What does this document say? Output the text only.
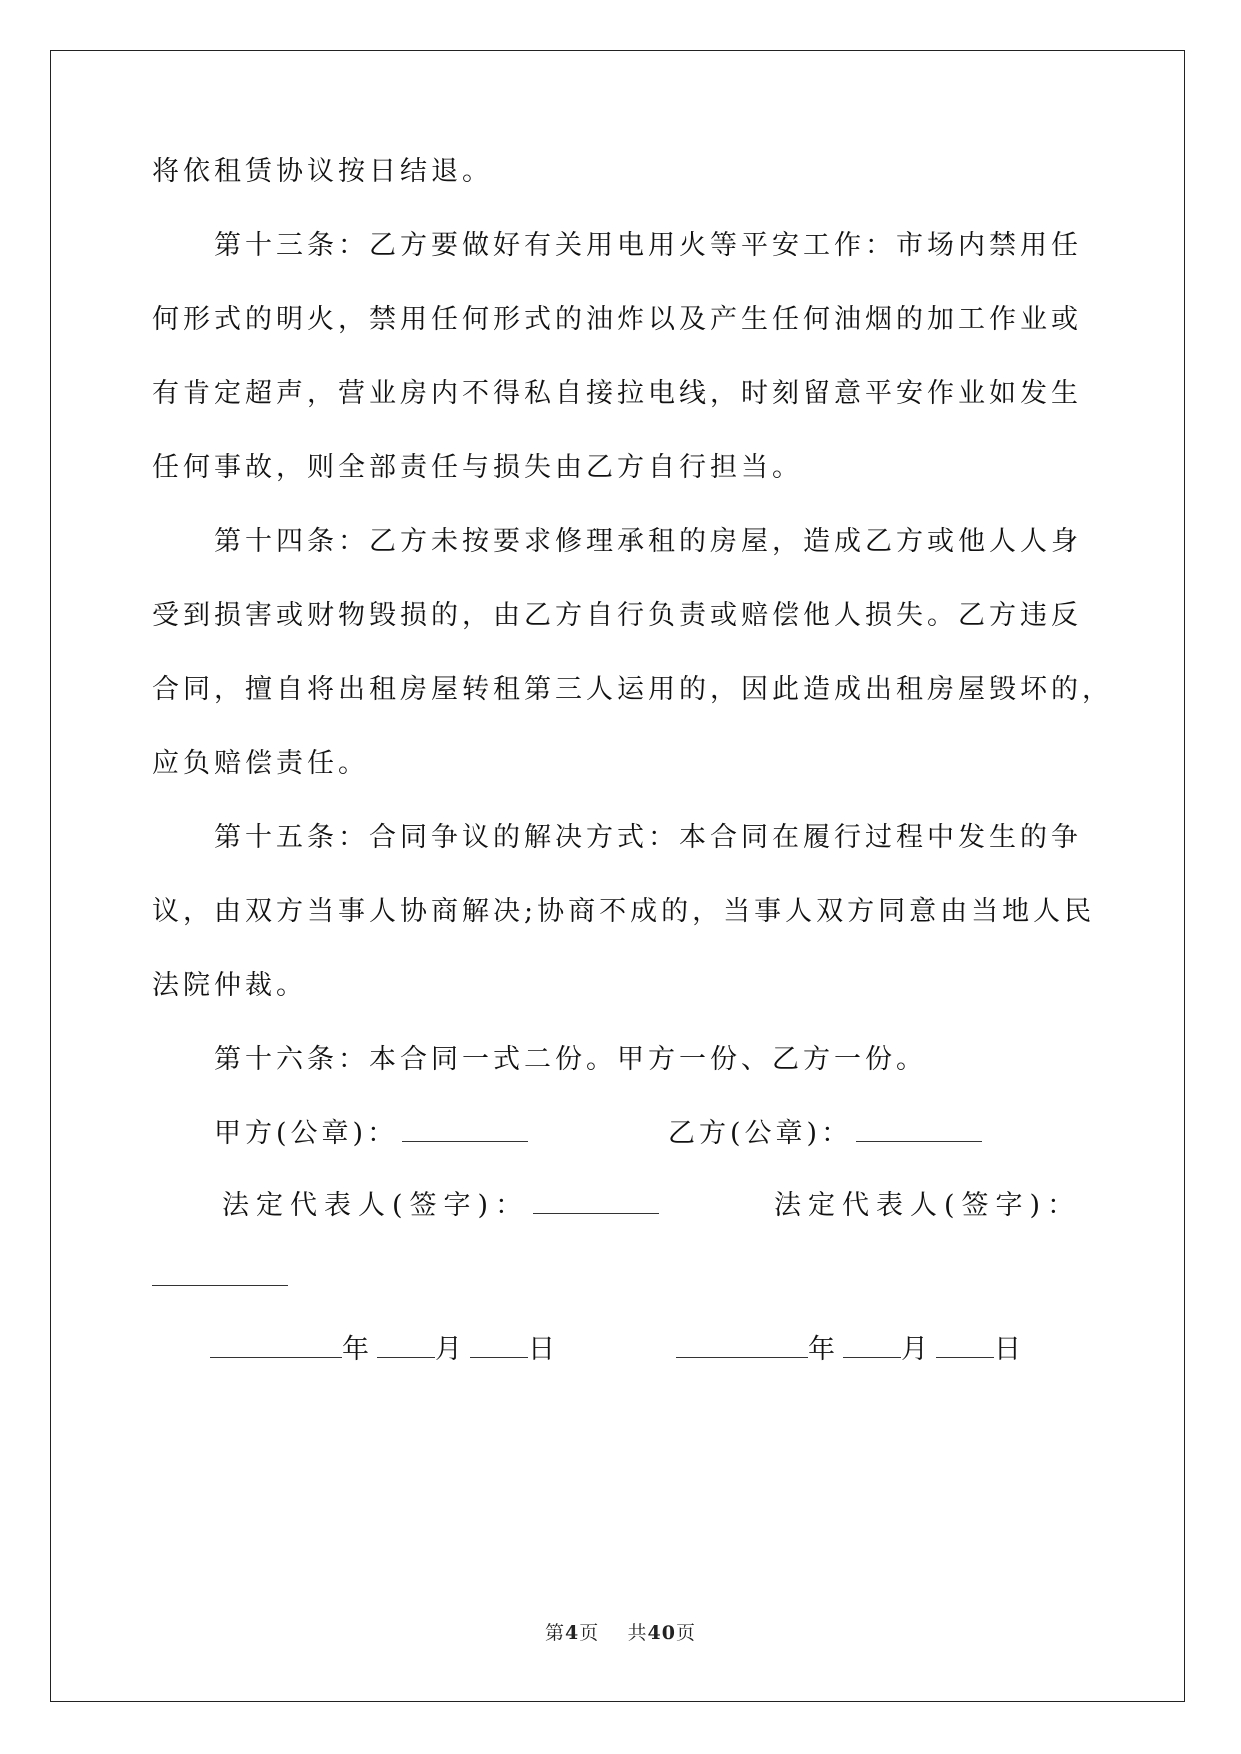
将依租赁协议按日结退。
第十三条：乙方要做好有关用电用火等平安工作：市场内禁用任
何形式的明火，禁用任何形式的油炸以及产生任何油烟的加工作业或
有肯定超声，营业房内不得私自接拉电线，时刻留意平安作业如发生
任何事故，则全部责任与损失由乙方自行担当。
第十四条：乙方未按要求修理承租的房屋，造成乙方或他人人身
受到损害或财物毁损的，由乙方自行负责或赔偿他人损失。乙方违反
合同，擅自将出租房屋转租第三人运用的，因此造成出租房屋毁坏的，
应负赔偿责任。
第十五条：合同争议的解决方式：本合同在履行过程中发生的争
议，由双方当事人协商解决;协商不成的，当事人双方同意由当地人民
法院仲裁。
第十六条：本合同一式二份。甲方一份、乙方一份。
甲方(公章)：	乙方(公章)：
法定代表人(签字)：	法定代表人(签字)：
年 月 日	年 月 日
第4页 共40页
